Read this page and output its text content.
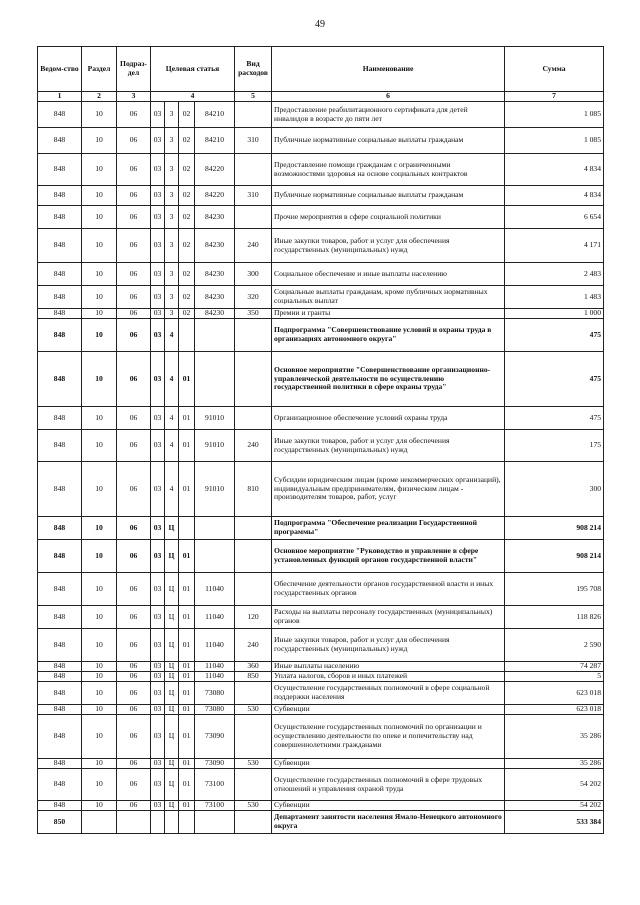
49
Ведом-ство	Раздел	Подраз-дел	Целевая статья				Вид расходов	Наименование	Сумма
1	2	3	4				5	6	7
848	10	06	03	3	02	84210		Предоставление реабилитационного сертификата для детей инвалидов в возрасте до пяти лет	1 085
848	10	06	03	3	02	84210	310	Публичные нормативные социальные выплаты гражданам	1 085
848	10	06	03	3	02	84220		Предоставление помощи гражданам с ограниченными возможностями здоровья на основе социальных контрактов	4 834
848	10	06	03	3	02	84220	310	Публичные нормативные социальные выплаты гражданам	4 834
848	10	06	03	3	02	84230		Прочие мероприятия в сфере социальной политики	6 654
848	10	06	03	3	02	84230	240	Иные закупки товаров, работ и услуг для обеспечения государственных (муниципальных) нужд	4 171
848	10	06	03	3	02	84230	300	Социальное обеспечение и иные выплаты населению	2 483
848	10	06	03	3	02	84230	320	Социальные выплаты гражданам, кроме публичных нормативных социальных выплат	1 483
848	10	06	03	3	02	84230	350	Премии и гранты	1 000
848	10	06	03	4				Подпрограмма "Совершенствование условий и охраны труда в организациях автономного округа"	475
848	10	06	03	4	01			Основное мероприятие "Совершенствование организационно-управленческой деятельности по осуществлению государственной политики в сфере охраны труда"	475
848	10	06	03	4	01	91010		Организационное обеспечение условий охраны труда	475
848	10	06	03	4	01	91010	240	Иные закупки товаров, работ и услуг для обеспечения государственных (муниципальных) нужд	175
848	10	06	03	4	01	91010	810	Субсидии юридическим лицам (кроме некоммерческих организаций), индивидуальным предпринимателям, физическим лицам - производителям товаров, работ, услуг	300
848	10	06	03	Ц				Подпрограмма "Обеспечение реализации Государственной программы"	908 214
848	10	06	03	Ц	01			Основное мероприятие "Руководство и управление в сфере установленных функций органов государственной власти"	908 214
848	10	06	03	Ц	01	11040		Обеспечение деятельности органов государственной власти и иных государственных органов	195 708
848	10	06	03	Ц	01	11040	120	Расходы на выплаты персоналу государственных (муниципальных) органов	118 826
848	10	06	03	Ц	01	11040	240	Иные закупки товаров, работ и услуг для обеспечения государственных (муниципальных) нужд	2 590
848	10	06	03	Ц	01	11040	360	Иные выплаты населению	74 287
848	10	06	03	Ц	01	11040	850	Уплата налогов, сборов и иных платежей	5
848	10	06	03	Ц	01	73080		Осуществление государственных полномочий в сфере социальной поддержки населения	623 018
848	10	06	03	Ц	01	73080	530	Субвенции	623 018
848	10	06	03	Ц	01	73090		Осуществление государственных полномочий по организации и осуществлению деятельности по опеке и попечительству над совершеннолетними гражданами	35 286
848	10	06	03	Ц	01	73090	530	Субвенции	35 286
848	10	06	03	Ц	01	73100		Осуществление государственных полномочий в сфере трудовых отношений и управления охраной труда	54 202
848	10	06	03	Ц	01	73100	530	Субвенции	54 202
850								Департамент занятости населения Ямало-Ненецкого автономного округа	533 384
